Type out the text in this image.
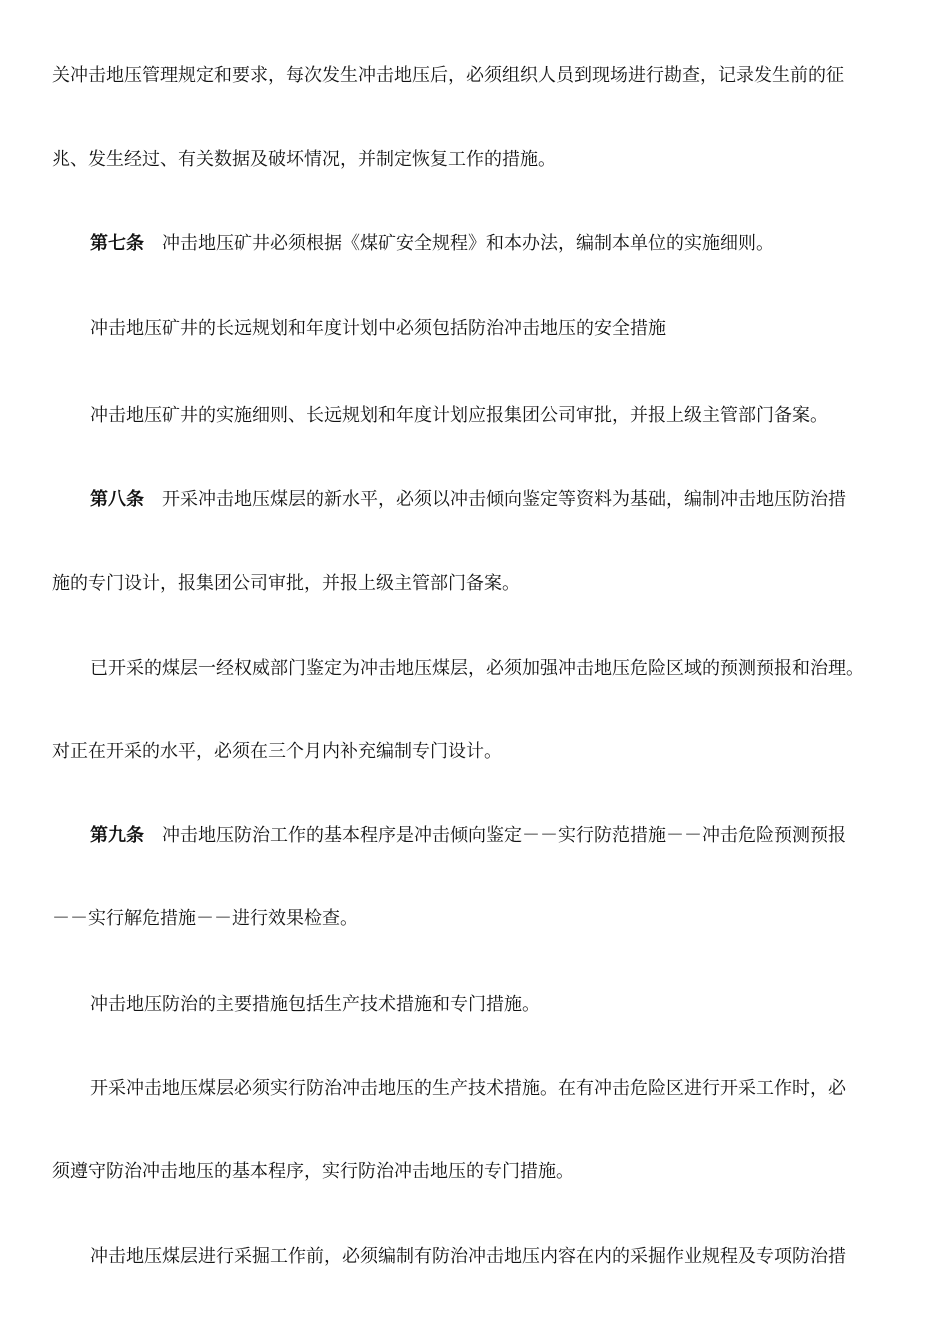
关冲击地压管理规定和要求，每次发生冲击地压后，必须组织人员到现场进行勘查，记录发生前的征
兆、发生经过、有关数据及破坏情况，并制定恢复工作的措施。
第七条 冲击地压矿井必须根据《煤矿安全规程》和本办法，编制本单位的实施细则。
冲击地压矿井的长远规划和年度计划中必须包括防治冲击地压的安全措施
冲击地压矿井的实施细则、长远规划和年度计划应报集团公司审批，并报上级主管部门备案。
第八条 开采冲击地压煤层的新水平，必须以冲击倾向鉴定等资料为基础，编制冲击地压防治措
施的专门设计，报集团公司审批，并报上级主管部门备案。
已开采的煤层一经权威部门鉴定为冲击地压煤层，必须加强冲击地压危险区域的预测预报和治理。
对正在开采的水平，必须在三个月内补充编制专门设计。
第九条 冲击地压防治工作的基本程序是冲击倾向鉴定－－实行防范措施－－冲击危险预测预报
－－实行解危措施－－进行效果检查。
冲击地压防治的主要措施包括生产技术措施和专门措施。
开采冲击地压煤层必须实行防治冲击地压的生产技术措施。在有冲击危险区进行开采工作时，必
须遵守防治冲击地压的基本程序，实行防治冲击地压的专门措施。
冲击地压煤层进行采掘工作前，必须编制有防治冲击地压内容在内的采掘作业规程及专项防治措
